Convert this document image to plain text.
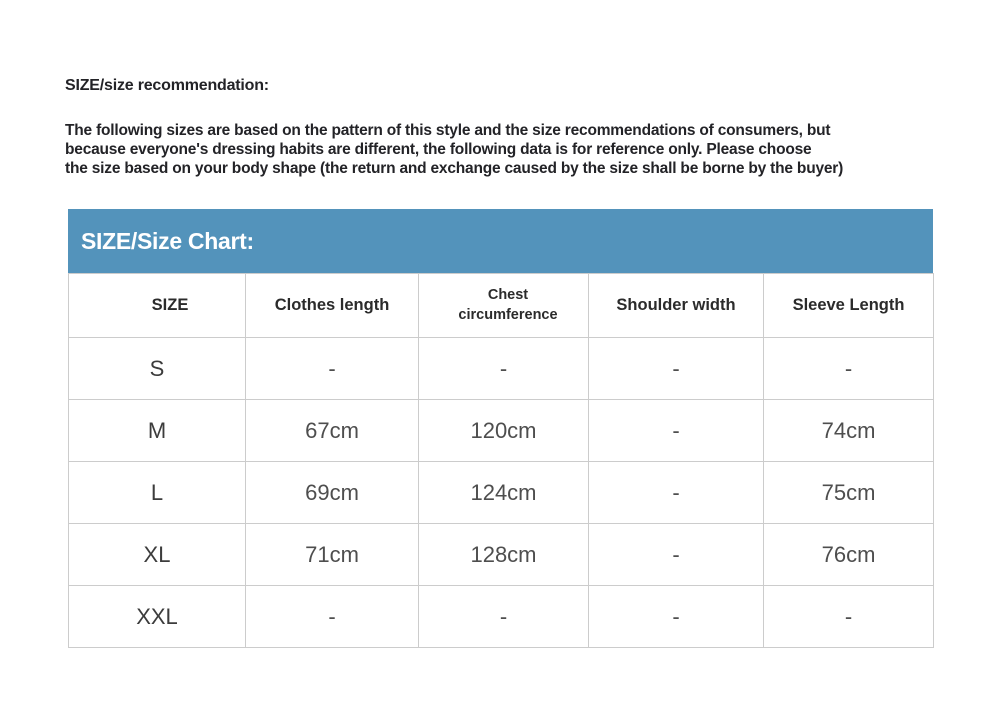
SIZE/size recommendation:
The following sizes are based on the pattern of this style and the size recommendations of consumers, but
because everyone's dressing habits are different, the following data is for reference only. Please choose
the size based on your body shape (the return and exchange caused by the size shall be borne by the buyer)
SIZE/Size Chart:
SIZE	Clothes length	Chest circumference	Shoulder width	Sleeve Length
S	-	-	-	-
M	67cm	120cm	-	74cm
L	69cm	124cm	-	75cm
XL	71cm	128cm	-	76cm
XXL	-	-	-	-
